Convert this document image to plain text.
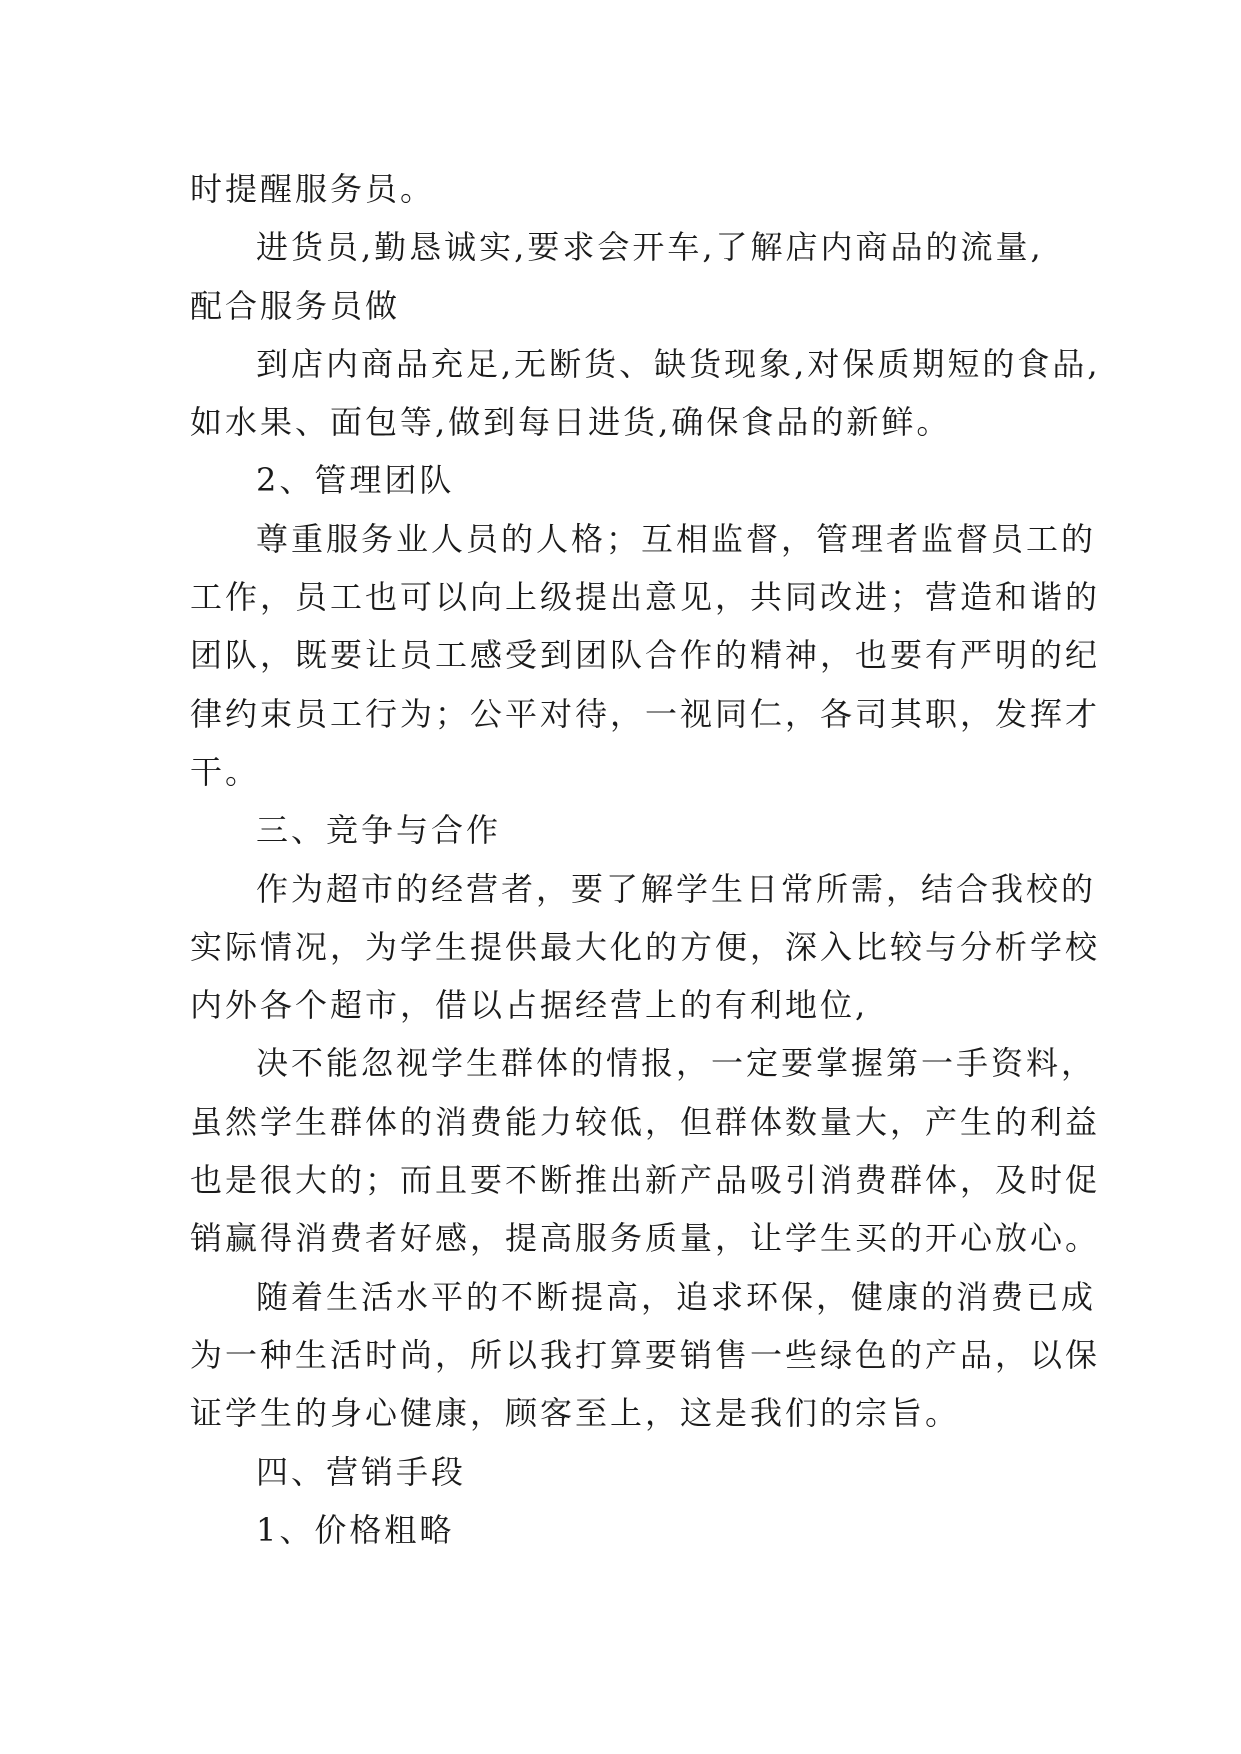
时提醒服务员。
进货员,勤恳诚实,要求会开车,了解店内商品的流量,
配合服务员做
到店内商品充足,无断货、缺货现象,对保质期短的食品,
如水果、面包等,做到每日进货,确保食品的新鲜。
2、管理团队
尊重服务业人员的人格；互相监督，管理者监督员工的
工作，员工也可以向上级提出意见，共同改进；营造和谐的
团队，既要让员工感受到团队合作的精神，也要有严明的纪
律约束员工行为；公平对待，一视同仁，各司其职，发挥才
干。
三、竞争与合作
作为超市的经营者，要了解学生日常所需，结合我校的
实际情况，为学生提供最大化的方便，深入比较与分析学校
内外各个超市，借以占据经营上的有利地位,
决不能忽视学生群体的情报，一定要掌握第一手资料，
虽然学生群体的消费能力较低，但群体数量大，产生的利益
也是很大的；而且要不断推出新产品吸引消费群体，及时促
销赢得消费者好感，提高服务质量，让学生买的开心放心。
随着生活水平的不断提高，追求环保，健康的消费已成
为一种生活时尚，所以我打算要销售一些绿色的产品，以保
证学生的身心健康，顾客至上，这是我们的宗旨。
四、营销手段
1、价格粗略
